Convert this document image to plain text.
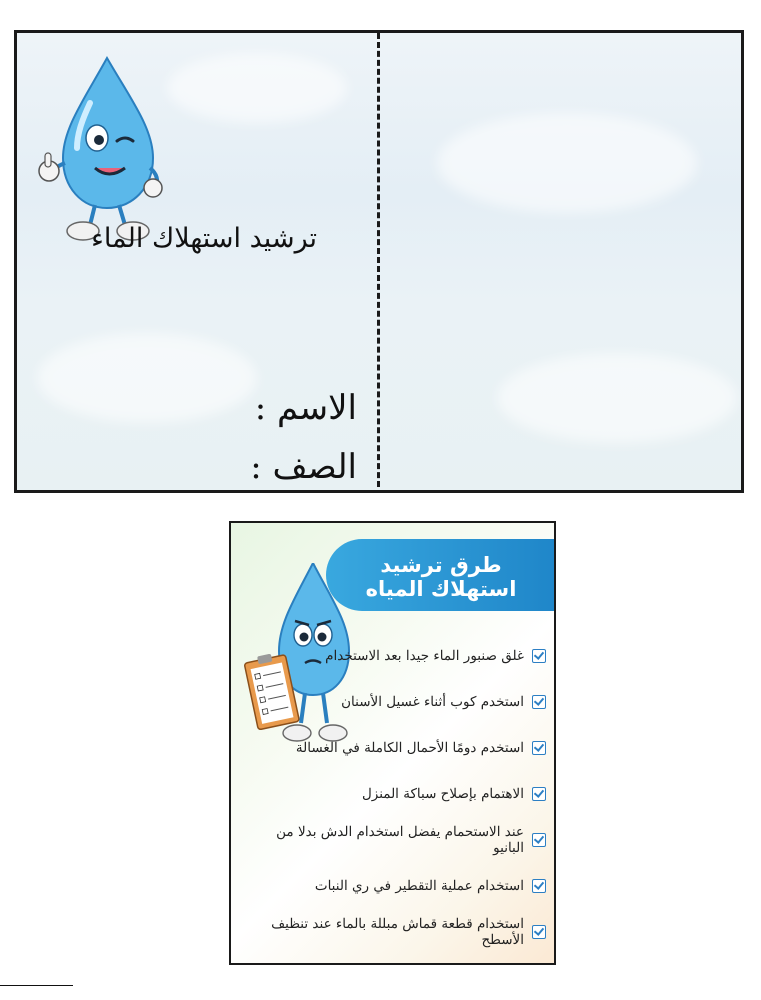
ترشيد استهلاك الماء
الاسم :
الصف :
طرق ترشيد استهلاك المياه
غلق صنبور الماء جيدا بعد الاستخدام
استخدم كوب أثناء غسيل الأسنان
استخدم دومًا الأحمال الكاملة في الغسالة
الاهتمام بإصلاح سباكة المنزل
عند الاستحمام يفضل استخدام الدش بدلا من البانيو
استخدام عملية التقطير في ري النبات
استخدام قطعة قماش مبللة بالماء عند تنظيف الأسطح
